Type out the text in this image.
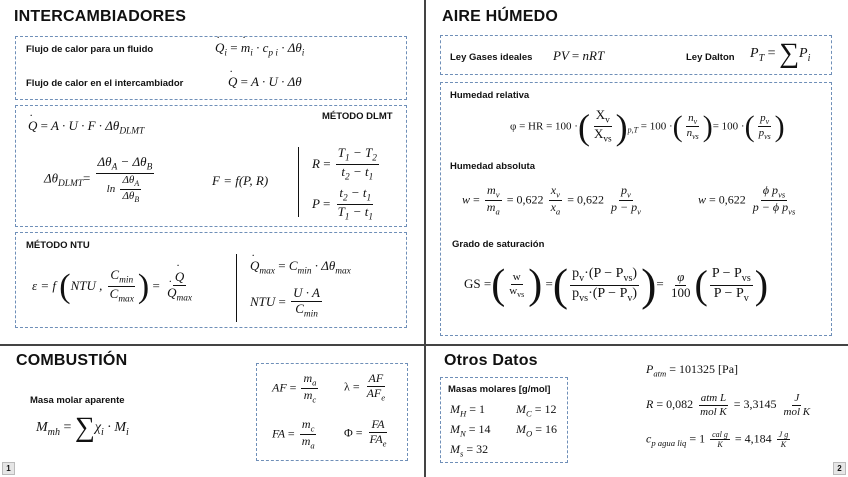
INTERCAMBIADORES
Flujo de calor para un fluido	˙ $Q_i$ = ˙ $m_i \cdot c_{p i} \cdot \Delta\theta_i$
Flujo de calor en el intercambiador	˙ Q = A · U · Δθ
MÉTODO DLMT
˙ $Q = A \cdot U \cdot F \cdot \Delta\theta_{DLMT}$
$\Delta\theta_{DLMT}= \frac{\Delta\theta_A - \Delta\theta_B}{\ln \frac{\Delta\theta_A}{\Delta\theta_B}}$	F = f(P, R)
$R = \frac{T_1 - T_2}{t_2 - t_1}$
$P = \frac{t_2 - t_1}{T_1 - t_1}$
MÉTODO NTU
ε = f (NTU , $\frac{C_{min}}{C_{max}}$ ) = ˙ Q
˙ $Q_{max}$
˙ $Q_{max} = C_{min} \cdot \Delta\theta_{max}$
NTU = $\frac{U \cdot A}{C_{min}}$
AIRE HÚMEDO
Ley Gases ideales PV = nRT	Ley Dalton $P_T = \sum P_i$
Humedad relativa
φ = HR = 100 ·( $\frac{X_v}{X_{vs}} )_{p,T} = 100$ ·( $\frac{n_v}{n_{vs}}$ )= 100 ·( $\frac{p_v}{p_{vs}}$ )
Humedad absoluta
$w = \frac{m_v}{m_a} = 0,622 \frac{x_v}{x_a} = 0,622 \frac{p_v}{p - p_v}$	$w = 0,622 \frac{\phi p_{vs}}{p - \phi p_{vs}}$
Grado de saturación
GS =( $\frac{w}{w_{vs}}$ ) =( $\frac{p_v\cdot(P - P_{vs})}{p_{vs}\cdot(P - P_v)}$ )= $\frac{\varphi}{100}$ ( $\frac{P - P_{vs}}{P - P_v}$ )
COMBUSTIÓN
Masa molar aparente
$M_{mh} = \sum\chi_i \cdot M_i$
AF = $\frac{m_a}{m_c}$ $\lambda = \frac{AF}{AF_e}$
FA = $\frac{m_c}{m_a}$ $\Phi = \frac{FA}{FA_e}$
Otros Datos
Masas molares [g/mol]
$M_H = 1$	$M_C = 12$
$M_N = 14$ $M_O = 16$
$M_s = 32$
$P_{atm} = 101325$ [Pa]
$R = 0,082 \frac{\text{atm L}}{\text{mol K}} = 3,3145 \frac{J}{\text{mol K}}$
$c_{p agua liq} = 1 \frac{\text{cal g}}{K} = 4,184 \frac{\text{J g}}{K}$
1	2
